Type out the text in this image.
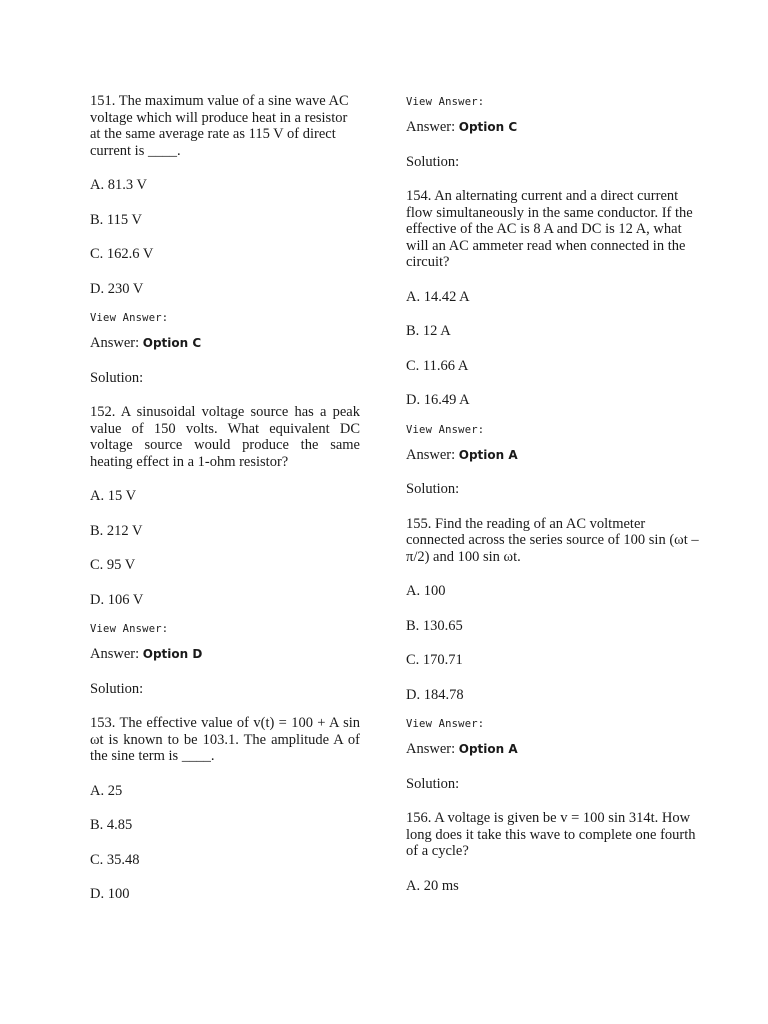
151. The maximum value of a sine wave AC voltage which will produce heat in a resistor at the same average rate as 115 V of direct current is ____.

A. 81.3 V

B. 115 V

C. 162.6 V

D. 230 V

View Answer:

Answer: Option C

Solution:

152. A sinusoidal voltage source has a peak value of 150 volts. What equivalent DC voltage source would produce the same heating effect in a 1-ohm resistor?

A. 15 V

B. 212 V

C. 95 V

D. 106 V

View Answer:

Answer: Option D

Solution:

153. The effective value of v(t) = 100 + A sin ωt is known to be 103.1. The amplitude A of the sine term is ____.

A. 25

B. 4.85

C. 35.48

D. 100

View Answer:

Answer: Option C

Solution:

154. An alternating current and a direct current flow simultaneously in the same conductor. If the effective of the AC is 8 A and DC is 12 A, what will an AC ammeter read when connected in the circuit?

A. 14.42 A

B. 12 A

C. 11.66 A

D. 16.49 A

View Answer:

Answer: Option A

Solution:

155. Find the reading of an AC voltmeter connected across the series source of 100 sin (ωt – π/2) and 100 sin ωt.

A. 100

B. 130.65

C. 170.71

D. 184.78

View Answer:

Answer: Option A

Solution:

156. A voltage is given be v = 100 sin 314t. How long does it take this wave to complete one fourth of a cycle?

A. 20 ms
